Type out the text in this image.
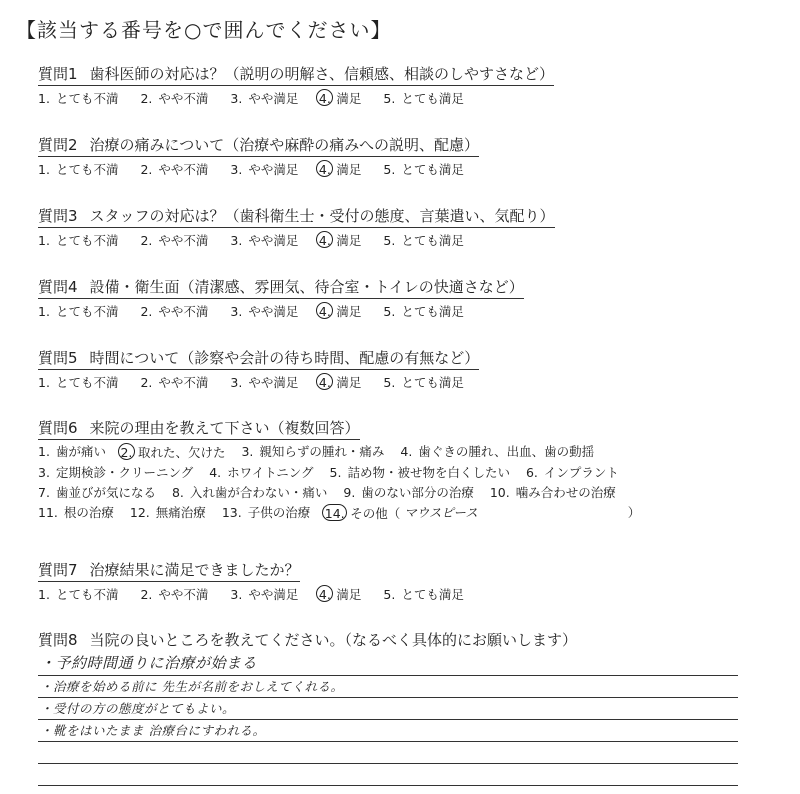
【該当する番号を○で囲んでください】
質問1 歯科医師の対応は？（説明の明解さ、信頼感、相談のしやすさなど）
1. とても不満 2. やや不満 3. やや満足 4. 満足 5. とても満足
質問2 治療の痛みについて（治療や麻酔の痛みへの説明、配慮）
1. とても不満 2. やや不満 3. やや満足 4. 満足 5. とても満足
質問3 スタッフの対応は？（歯科衛生士・受付の態度、言葉遣い、気配り）
1. とても不満 2. やや不満 3. やや満足 4. 満足 5. とても満足
質問4 設備・衛生面（清潔感、雰囲気、待合室・トイレの快適さなど）
1. とても不満 2. やや不満 3. やや満足 4. 満足 5. とても満足
質問5 時間について（診察や会計の待ち時間、配慮の有無など）
1. とても不満 2. やや不満 3. やや満足 4. 満足 5. とても満足
質問6 来院の理由を教えて下さい（複数回答）
1. 歯が痛い 2. 取れた、欠けた 3. 親知らずの腫れ・痛み 4. 歯ぐきの腫れ、出血、歯の動揺
3. 定期検診・クリーニング 4. ホワイトニング 5. 詰め物・被せ物を白くしたい 6. インプラント
7. 歯並びが気になる 8. 入れ歯が合わない・痛い 9. 歯のない部分の治療 10. 噛み合わせの治療
11. 根の治療 12. 無痛治療 13. 子供の治療 14. その他（ マウスピース	）
質問7 治療結果に満足できましたか？
1. とても不満 2. やや不満 3. やや満足 4. 満足 5. とても満足
質問8 当院の良いところを教えてください。（なるべく具体的にお願いします）
・予約時間通りに治療が始まる
・治療を始める前に 先生が名前をおしえてくれる。
・受付の方の態度がとてもよい。
・靴をはいたまま 治療台にすわれる。
